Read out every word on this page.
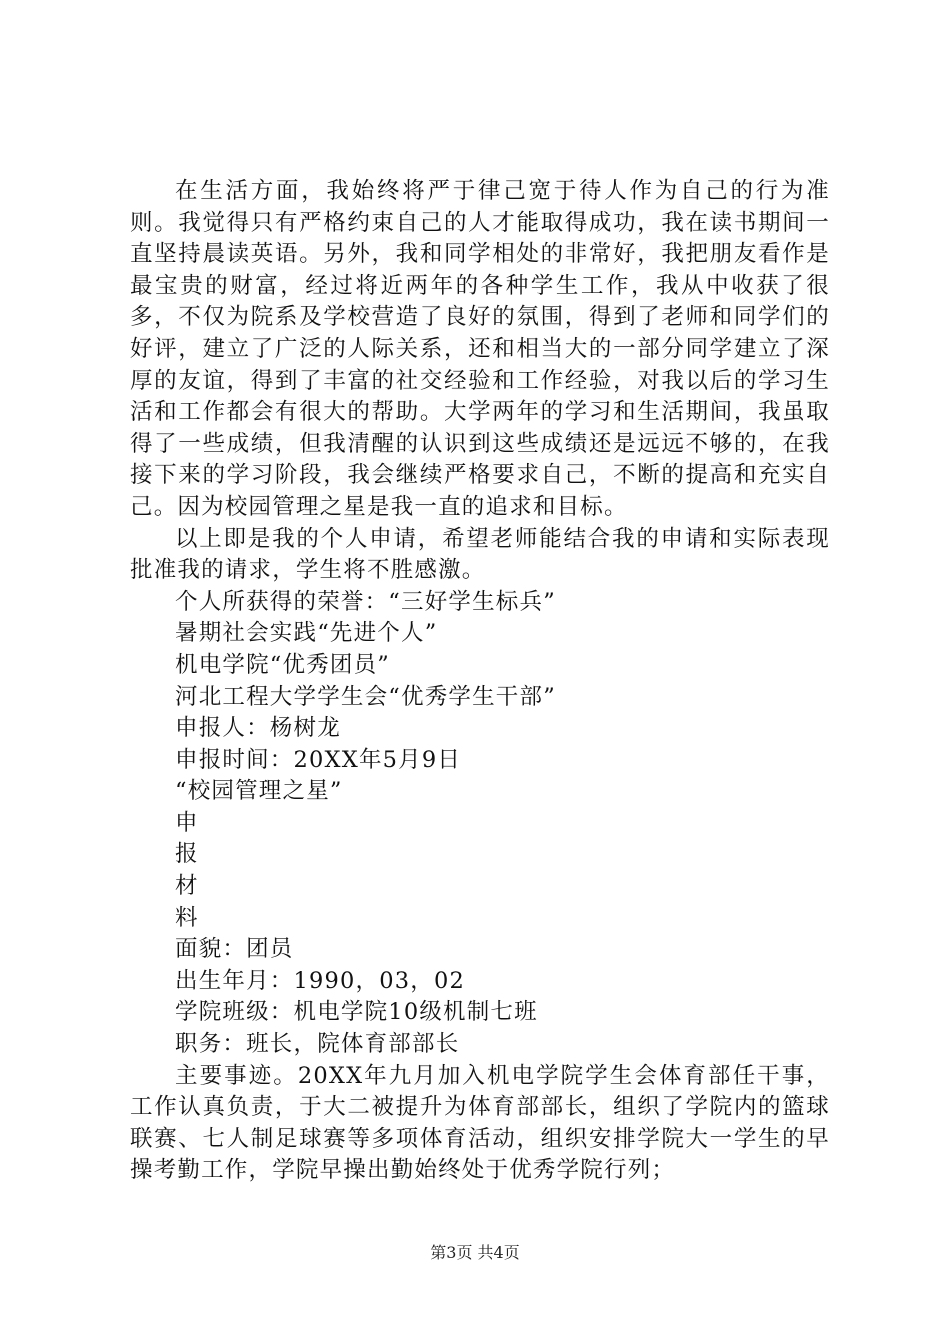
在生活方面，我始终将严于律己宽于待人作为自己的行为准则。我觉得只有严格约束自己的人才能取得成功，我在读书期间一直坚持晨读英语。另外，我和同学相处的非常好，我把朋友看作是最宝贵的财富，经过将近两年的各种学生工作，我从中收获了很多，不仅为院系及学校营造了良好的氛围，得到了老师和同学们的好评，建立了广泛的人际关系，还和相当大的一部分同学建立了深厚的友谊，得到了丰富的社交经验和工作经验，对我以后的学习生活和工作都会有很大的帮助。大学两年的学习和生活期间，我虽取得了一些成绩，但我清醒的认识到这些成绩还是远远不够的，在我接下来的学习阶段，我会继续严格要求自己，不断的提高和充实自己。因为校园管理之星是我一直的追求和目标。

以上即是我的个人申请，希望老师能结合我的申请和实际表现批准我的请求，学生将不胜感激。

个人所获得的荣誉：“三好学生标兵”

暑期社会实践“先进个人”

机电学院“优秀团员”

河北工程大学学生会“优秀学生干部”

申报人：杨树龙

申报时间：20XX年5月9日

“校园管理之星”

申

报

材

料

面貌：团员

出生年月：1990，03，02

学院班级：机电学院10级机制七班

职务：班长，院体育部部长

主要事迹。20XX年九月加入机电学院学生会体育部任干事，工作认真负责，于大二被提升为体育部部长，组织了学院内的篮球联赛、七人制足球赛等多项体育活动，组织安排学院大一学生的早操考勤工作，学院早操出勤始终处于优秀学院行列；

第3页 共4页
